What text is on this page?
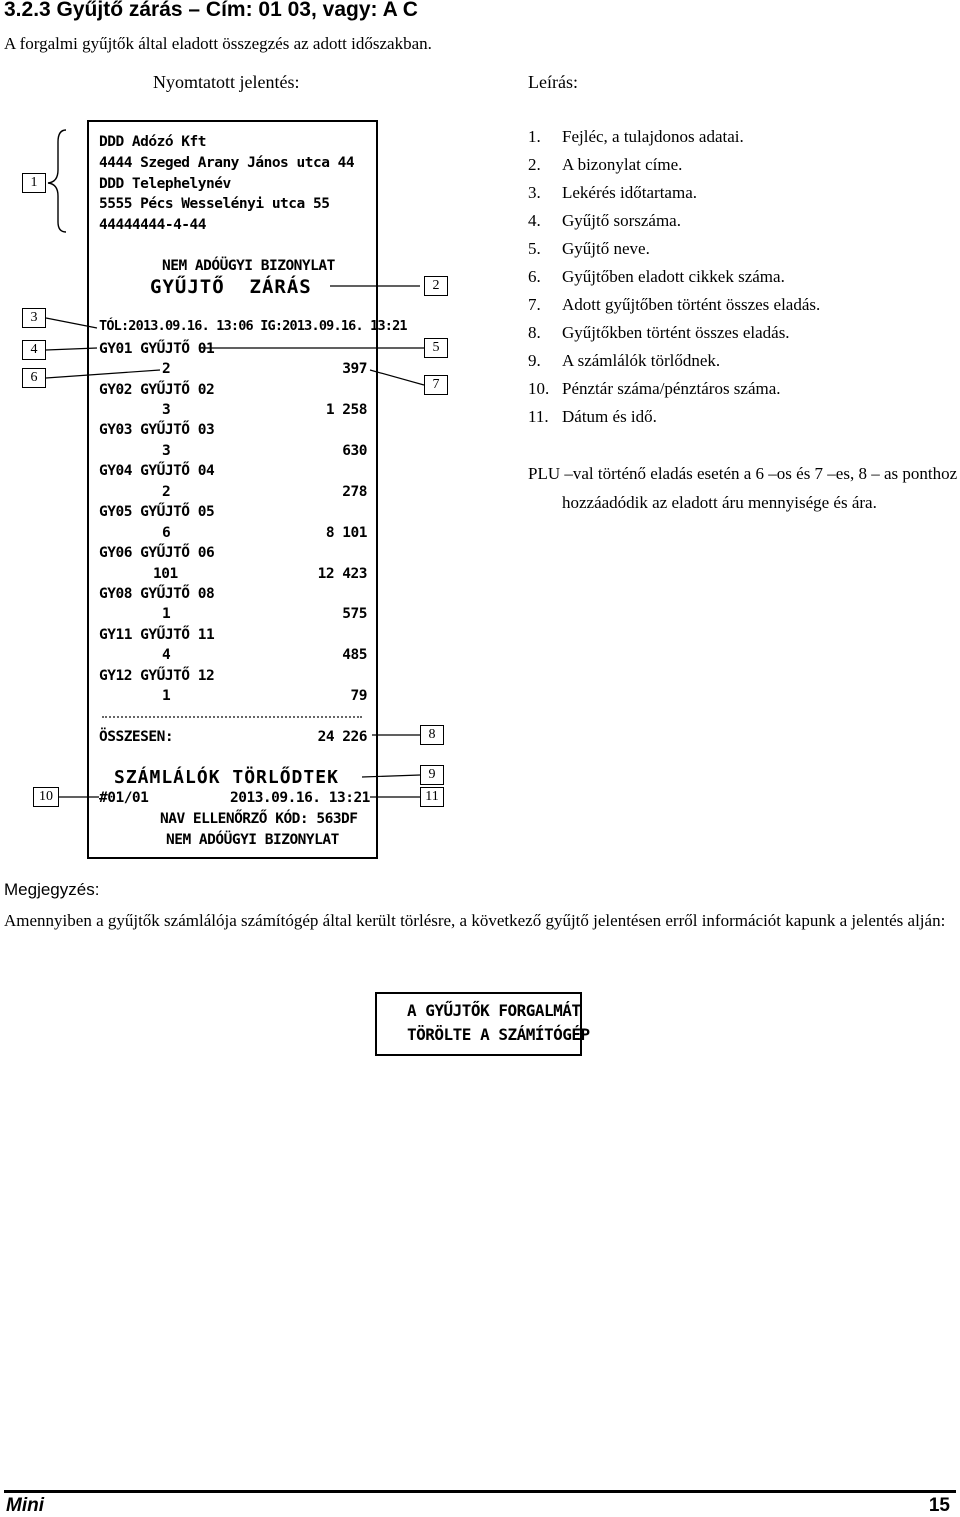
3.2.3 Gyűjtő zárás – Cím: 01 03, vagy: A C
A forgalmi gyűjtők által eladott összegzés az adott időszakban.
Nyomtatott jelentés:	Leírás:
DDD Adózó Kft
4444 Szeged Arany János utca 44
DDD Telephelynév
5555 Pécs Wesselényi utca 55
44444444-4-44
NEM ADÓÜGYI BIZONYLAT
GYŰJTŐ  ZÁRÁS
TÓL:2013.09.16. 13:06 IG:2013.09.16. 13:21
GY01 GYŰJTŐ 01
2	397
GY02 GYŰJTŐ 02
3	1 258
GY03 GYŰJTŐ 03
3	630
GY04 GYŰJTŐ 04
2	278
GY05 GYŰJTŐ 05
6	8 101
GY06 GYŰJTŐ 06
101	12 423
GY08 GYŰJTŐ 08
1	575
GY11 GYŰJTŐ 11
4	485
GY12 GYŰJTŐ 12
1	79
ÖSSZESEN:	24 226
SZÁMLÁLÓK TÖRLŐDTEK
#01/01	2013.09.16. 13:21
NAV ELLENŐRZŐ KÓD: 563DF
NEM ADÓÜGYI BIZONYLAT
1
2
3
4	5
6	7
8
9
10	11
1. Fejléc, a tulajdonos adatai.
2. A bizonylat címe.
3. Lekérés időtartama.
4. Gyűjtő sorszáma.
5. Gyűjtő neve.
6. Gyűjtőben eladott cikkek száma.
7. Adott gyűjtőben történt összes eladás.
8. Gyűjtőkben történt összes eladás.
9. A számlálók törlődnek.
10. Pénztár száma/pénztáros száma.
11. Dátum és idő.
PLU –val történő eladás esetén a 6 –os és 7 –es, 8 – as ponthoz hozzáadódik az eladott áru mennyisége és ára.
Megjegyzés:
Amennyiben a gyűjtők számlálója számítógép által került törlésre, a következő gyűjtő jelentésen erről információt kapunk a jelentés alján:
A GYŰJTŐK FORGALMÁT
TÖRÖLTE A SZÁMÍTÓGÉP
Mini	15
